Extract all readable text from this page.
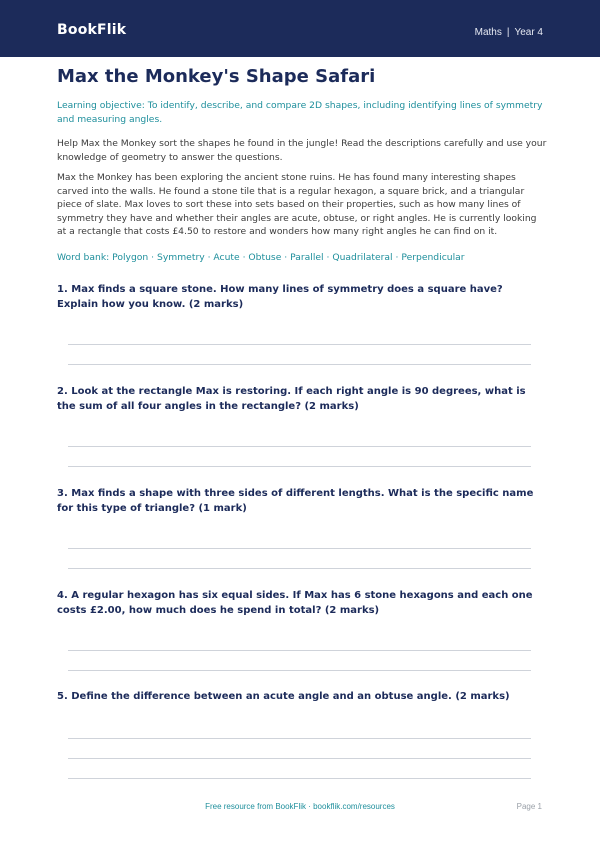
BookFlik	Maths | Year 4
Max the Monkey's Shape Safari

Learning objective: To identify, describe, and compare 2D shapes, including identifying lines of symmetry and measuring angles.

Help Max the Monkey sort the shapes he found in the jungle! Read the descriptions carefully and use your knowledge of geometry to answer the questions.

Max the Monkey has been exploring the ancient stone ruins. He has found many interesting shapes carved into the walls. He found a stone tile that is a regular hexagon, a square brick, and a triangular piece of slate. Max loves to sort these into sets based on their properties, such as how many lines of symmetry they have and whether their angles are acute, obtuse, or right angles. He is currently looking at a rectangle that costs £4.50 to restore and wonders how many right angles he can find on it.

Word bank: Polygon · Symmetry · Acute · Obtuse · Parallel · Quadrilateral · Perpendicular

1. Max finds a square stone. How many lines of symmetry does a square have? Explain how you know. (2 marks)

2. Look at the rectangle Max is restoring. If each right angle is 90 degrees, what is the sum of all four angles in the rectangle? (2 marks)

3. Max finds a shape with three sides of different lengths. What is the specific name for this type of triangle? (1 mark)

4. A regular hexagon has six equal sides. If Max has 6 stone hexagons and each one costs £2.00, how much does he spend in total? (2 marks)

5. Define the difference between an acute angle and an obtuse angle. (2 marks)

Free resource from BookFlik · bookflik.com/resources	Page 1
